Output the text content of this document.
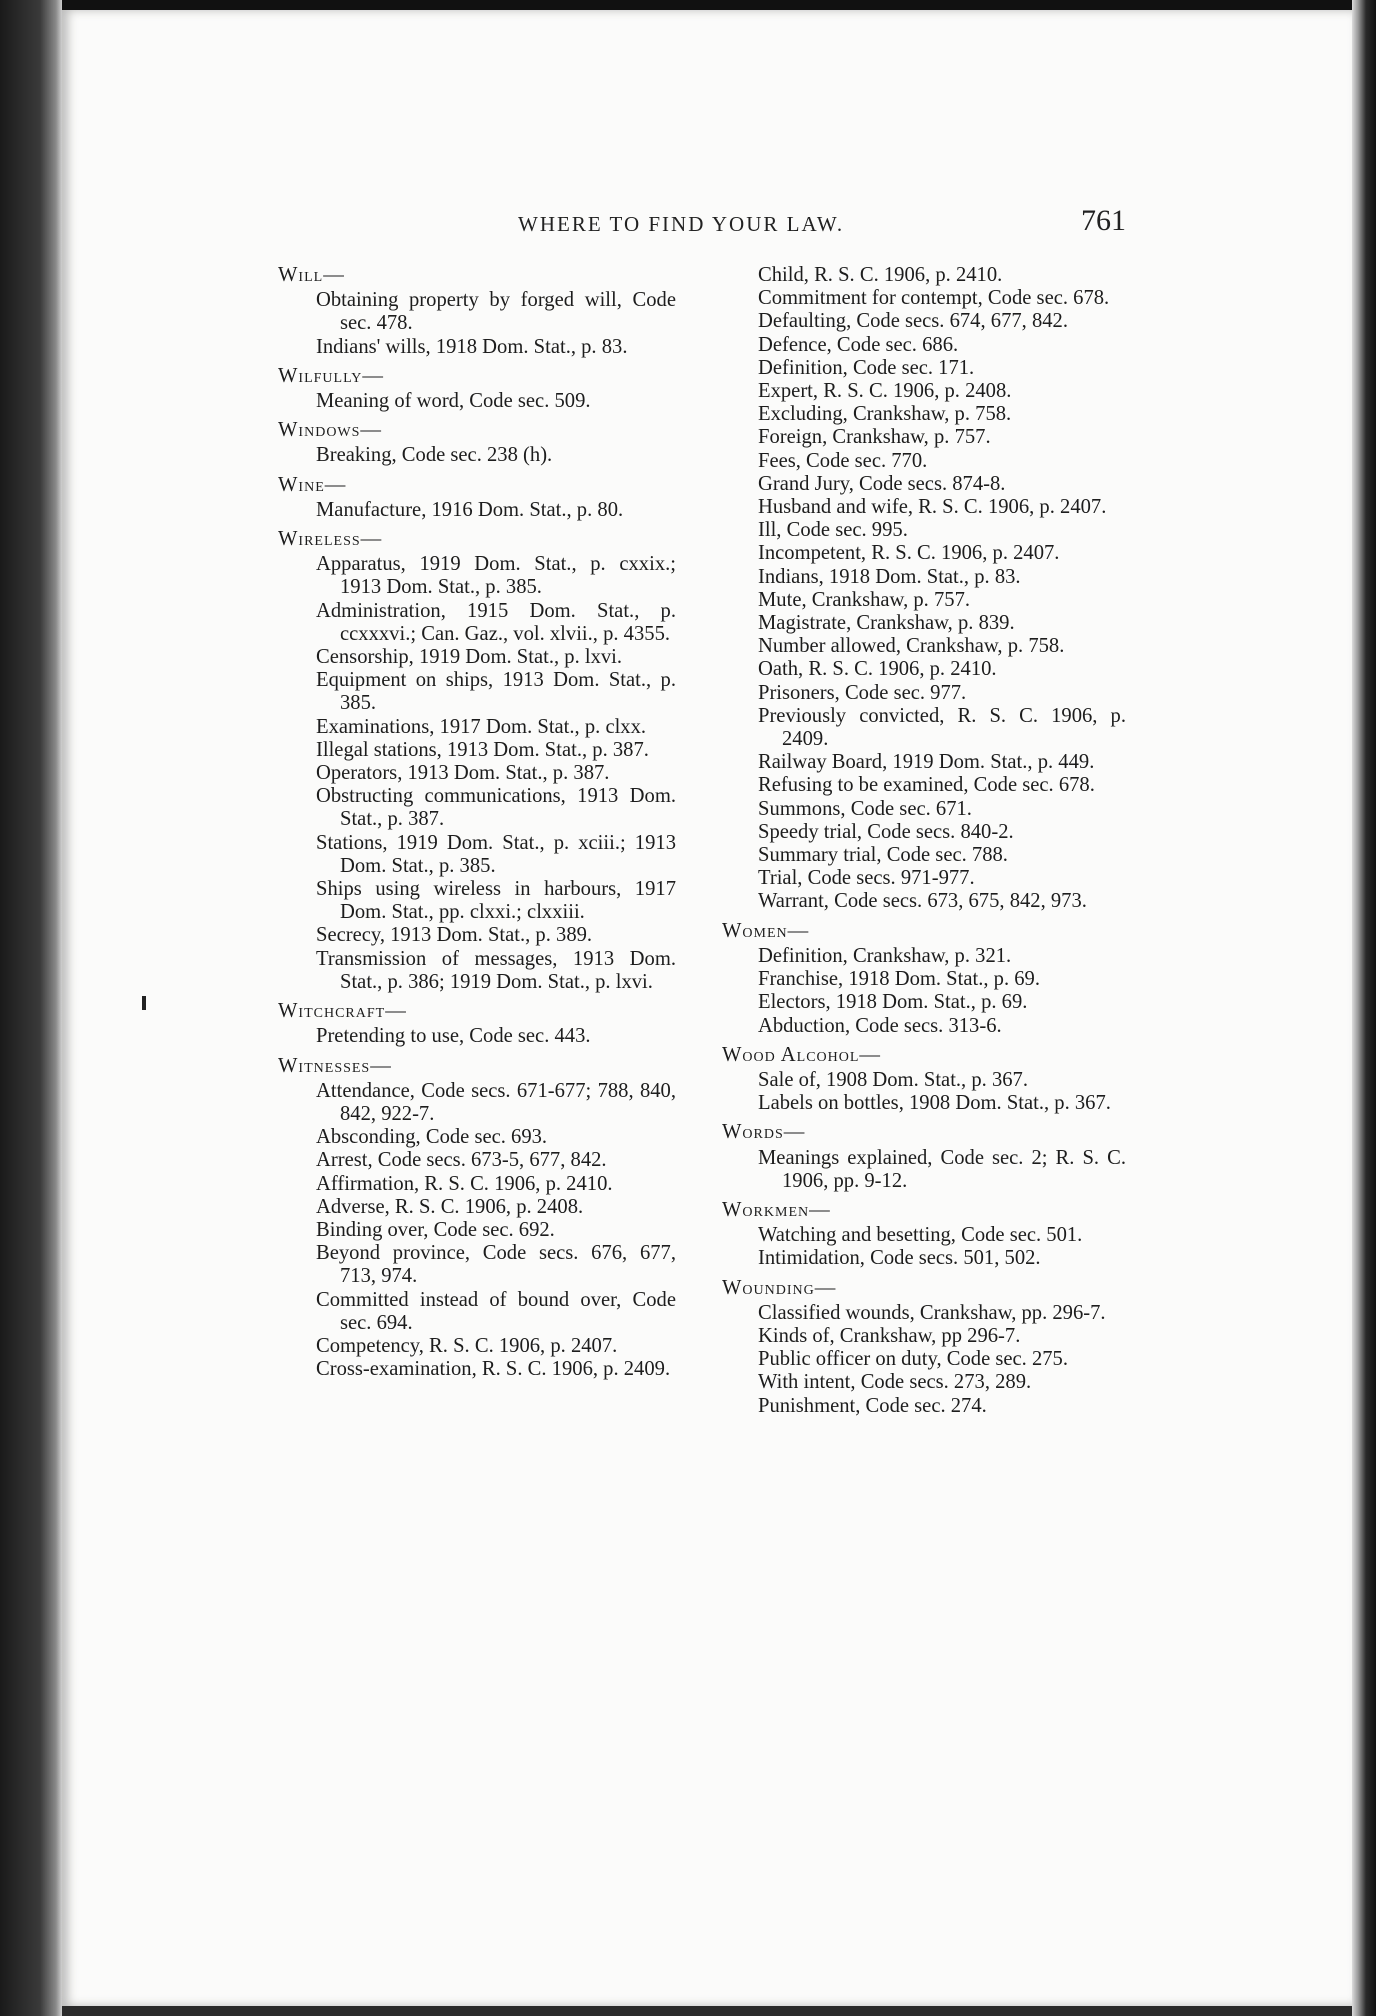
WHERE TO FIND YOUR LAW.	761
Will—
Obtaining property by forged will, Code sec. 478.
Indians' wills, 1918 Dom. Stat., p. 83.
Wilfully—
Meaning of word, Code sec. 509.
Windows—
Breaking, Code sec. 238 (h).
Wine—
Manufacture, 1916 Dom. Stat., p. 80.
Wireless—
Apparatus, 1919 Dom. Stat., p. cxxix.; 1913 Dom. Stat., p. 385.
Administration, 1915 Dom. Stat., p. ccxxxvi.; Can. Gaz., vol. xlvii., p. 4355.
Censorship, 1919 Dom. Stat., p. lxvi.
Equipment on ships, 1913 Dom. Stat., p. 385.
Examinations, 1917 Dom. Stat., p. clxx.
Illegal stations, 1913 Dom. Stat., p. 387.
Operators, 1913 Dom. Stat., p. 387.
Obstructing communications, 1913 Dom. Stat., p. 387.
Stations, 1919 Dom. Stat., p. xciii.; 1913 Dom. Stat., p. 385.
Ships using wireless in harbours, 1917 Dom. Stat., pp. clxxi.; clxxiii.
Secrecy, 1913 Dom. Stat., p. 389.
Transmission of messages, 1913 Dom. Stat., p. 386; 1919 Dom. Stat., p. lxvi.
Witchcraft—
Pretending to use, Code sec. 443.
Witnesses—
Attendance, Code secs. 671-677; 788, 840, 842, 922-7.
Absconding, Code sec. 693.
Arrest, Code secs. 673-5, 677, 842.
Affirmation, R. S. C. 1906, p. 2410.
Adverse, R. S. C. 1906, p. 2408.
Binding over, Code sec. 692.
Beyond province, Code secs. 676, 677, 713, 974.
Committed instead of bound over, Code sec. 694.
Competency, R. S. C. 1906, p. 2407.
Cross-examination, R. S. C. 1906, p. 2409.
Child, R. S. C. 1906, p. 2410.
Commitment for contempt, Code sec. 678.
Defaulting, Code secs. 674, 677, 842.
Defence, Code sec. 686.
Definition, Code sec. 171.
Expert, R. S. C. 1906, p. 2408.
Excluding, Crankshaw, p. 758.
Foreign, Crankshaw, p. 757.
Fees, Code sec. 770.
Grand Jury, Code secs. 874-8.
Husband and wife, R. S. C. 1906, p. 2407.
Ill, Code sec. 995.
Incompetent, R. S. C. 1906, p. 2407.
Indians, 1918 Dom. Stat., p. 83.
Mute, Crankshaw, p. 757.
Magistrate, Crankshaw, p. 839.
Number allowed, Crankshaw, p. 758.
Oath, R. S. C. 1906, p. 2410.
Prisoners, Code sec. 977.
Previously convicted, R. S. C. 1906, p. 2409.
Railway Board, 1919 Dom. Stat., p. 449.
Refusing to be examined, Code sec. 678.
Summons, Code sec. 671.
Speedy trial, Code secs. 840-2.
Summary trial, Code sec. 788.
Trial, Code secs. 971-977.
Warrant, Code secs. 673, 675, 842, 973.
Women—
Definition, Crankshaw, p. 321.
Franchise, 1918 Dom. Stat., p. 69.
Electors, 1918 Dom. Stat., p. 69.
Abduction, Code secs. 313-6.
Wood Alcohol—
Sale of, 1908 Dom. Stat., p. 367.
Labels on bottles, 1908 Dom. Stat., p. 367.
Words—
Meanings explained, Code sec. 2; R. S. C. 1906, pp. 9-12.
Workmen—
Watching and besetting, Code sec. 501.
Intimidation, Code secs. 501, 502.
Wounding—
Classified wounds, Crankshaw, pp. 296-7.
Kinds of, Crankshaw, pp 296-7.
Public officer on duty, Code sec. 275.
With intent, Code secs. 273, 289.
Punishment, Code sec. 274.
